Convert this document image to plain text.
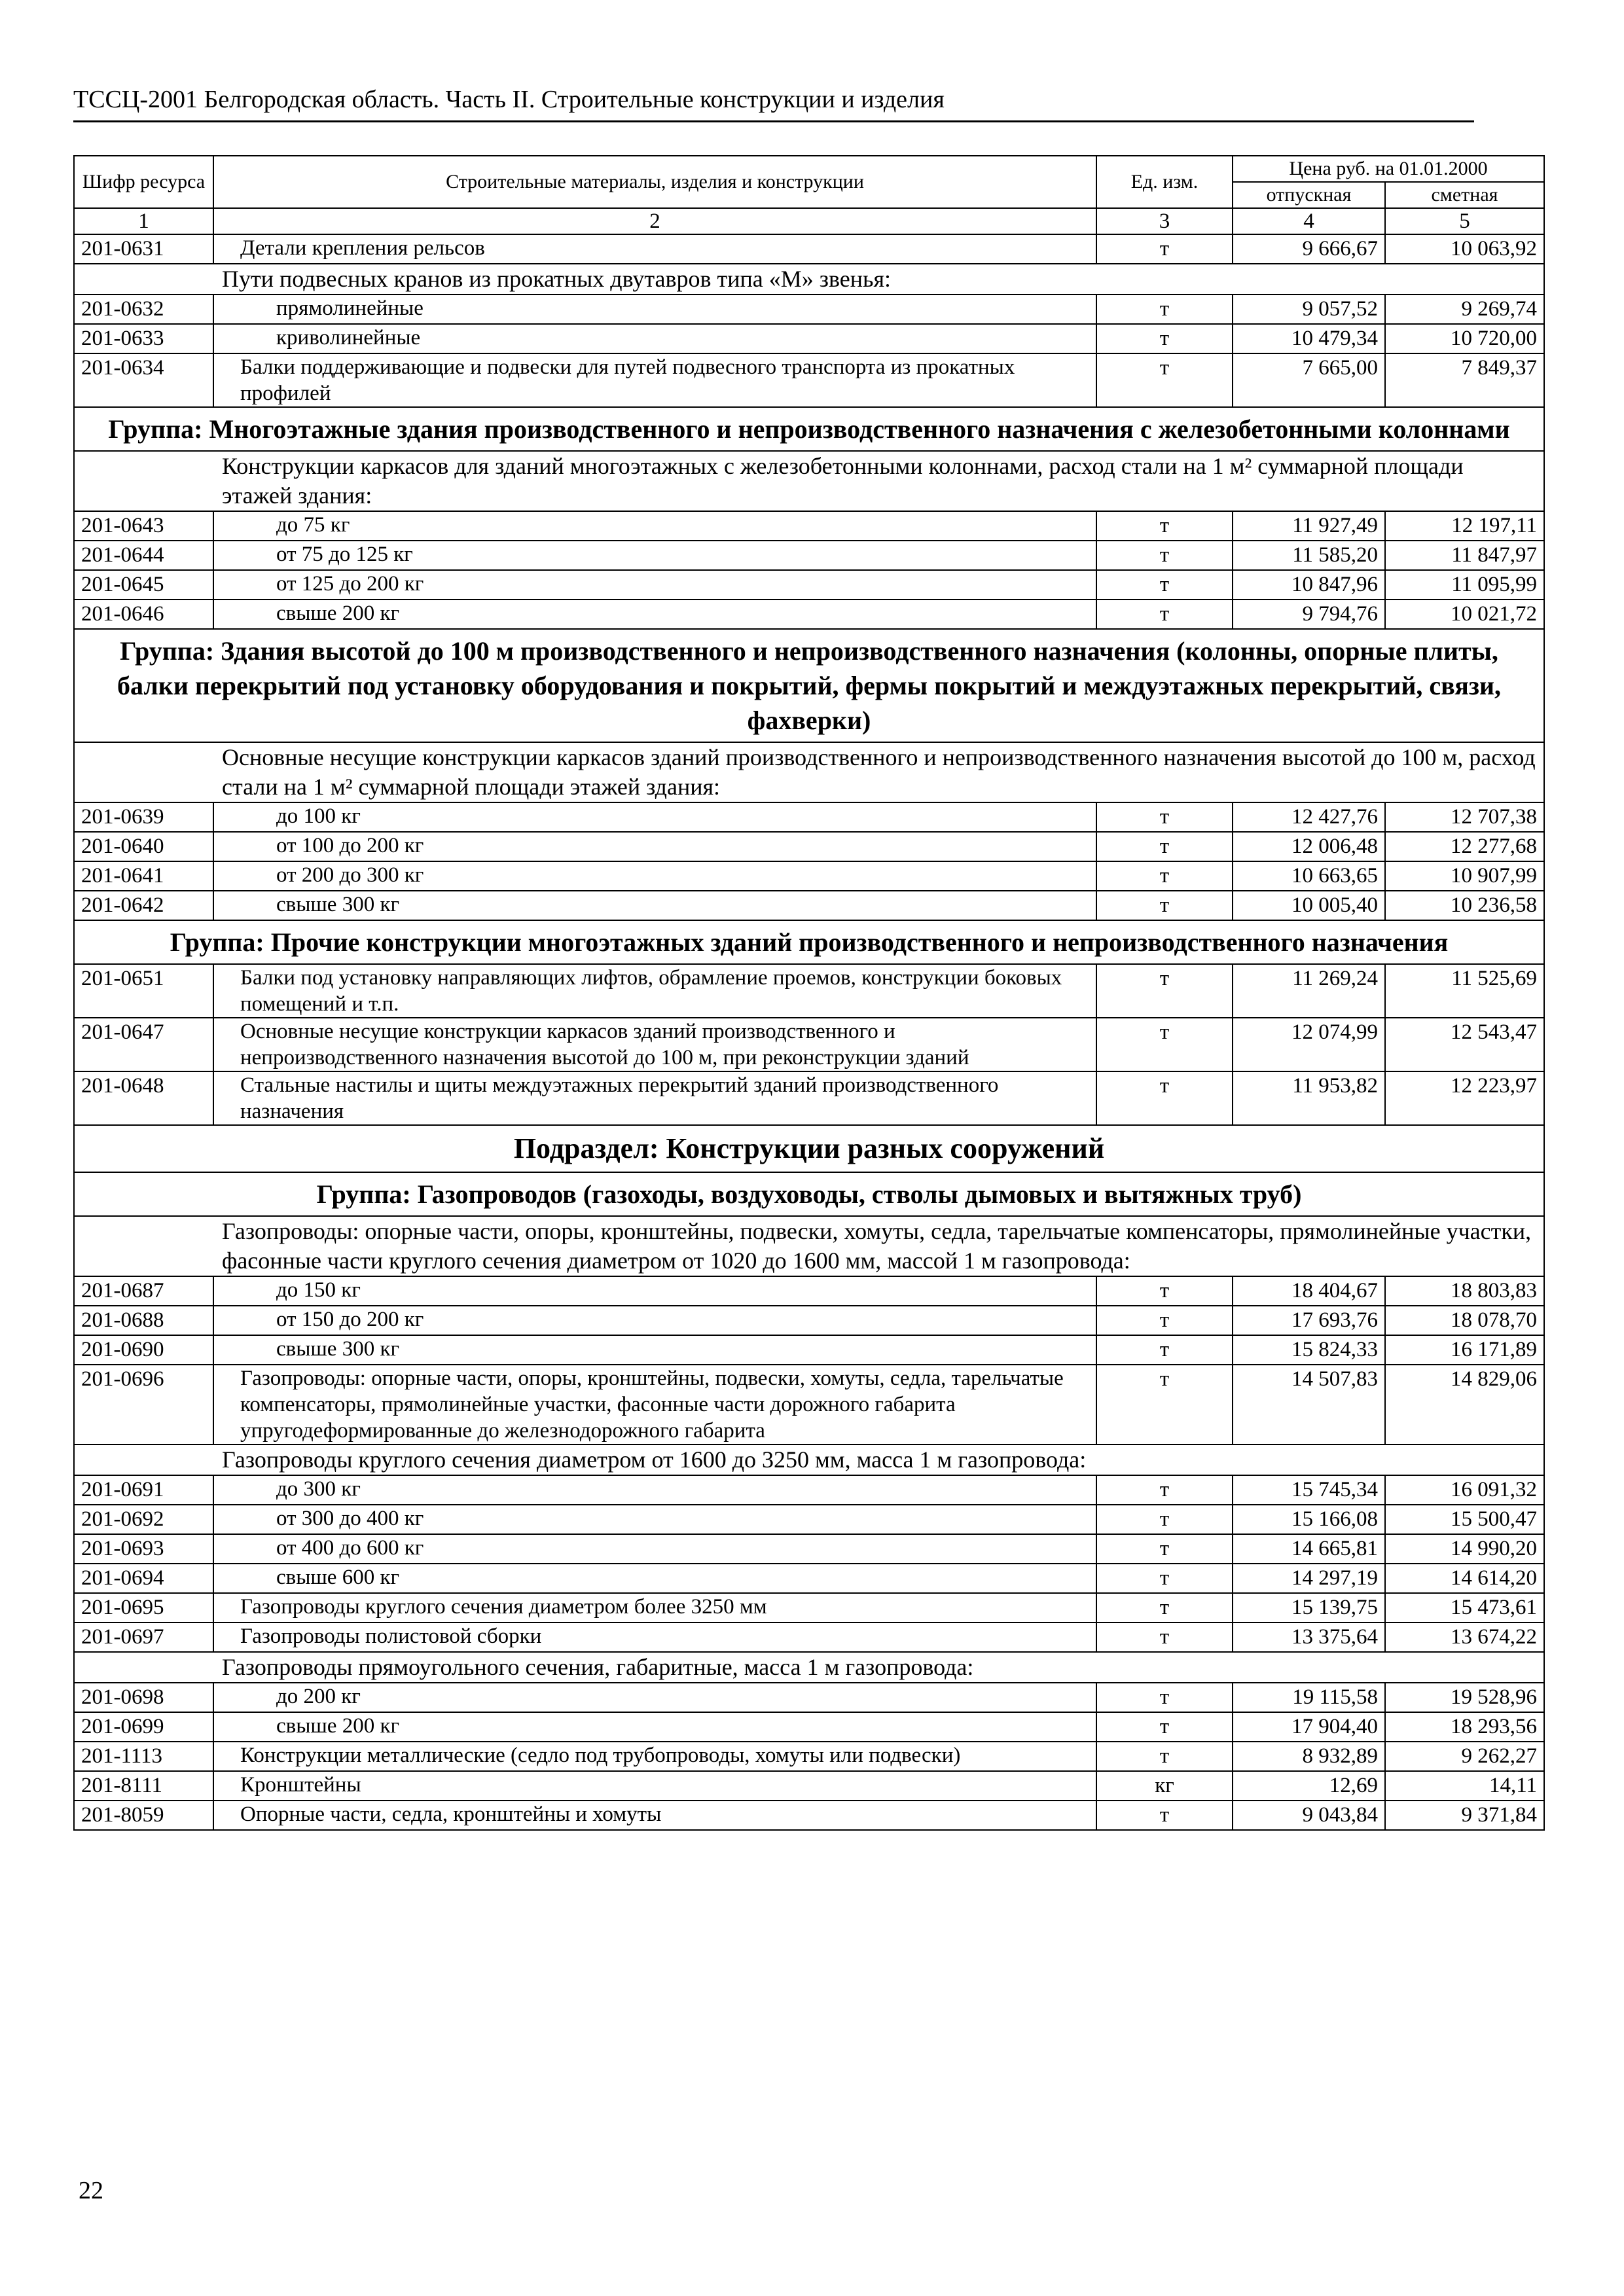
ТССЦ-2001 Белгородская область. Часть II. Строительные конструкции и изделия
Шифр ресурса	Строительные материалы, изделия и конструкции	Ед. изм.	Цена руб. на 01.01.2000	
			отпускная	сметная
1	2	3	4	5
201-0631	Детали крепления рельсов	т	9 666,67	10 063,92
Пути подвесных кранов из прокатных двутавров типа «М» звенья:				
201-0632	прямолинейные	т	9 057,52	9 269,74
201-0633	криволинейные	т	10 479,34	10 720,00
201-0634	Балки поддерживающие и подвески для путей подвесного транспорта из прокатных профилей	т	7 665,00	7 849,37
Группа: Многоэтажные здания производственного и непроизводственного назначения с железобетонными колоннами				
Конструкции каркасов для зданий многоэтажных с железобетонными колоннами, расход стали на 1 м² суммарной площади этажей здания:				
201-0643	до 75 кг	т	11 927,49	12 197,11
201-0644	от 75 до 125 кг	т	11 585,20	11 847,97
201-0645	от 125 до 200 кг	т	10 847,96	11 095,99
201-0646	свыше 200 кг	т	9 794,76	10 021,72
Группа: Здания высотой до 100 м производственного и непроизводственного назначения (колонны, опорные плиты, балки перекрытий под установку оборудования и покрытий, фермы покрытий и междуэтажных перекрытий, связи, фахверки)				
Основные несущие конструкции каркасов зданий производственного и непроизводственного назначения высотой до 100 м, расход стали на 1 м² суммарной площади этажей здания:				
201-0639	до 100 кг	т	12 427,76	12 707,38
201-0640	от 100 до 200 кг	т	12 006,48	12 277,68
201-0641	от 200 до 300 кг	т	10 663,65	10 907,99
201-0642	свыше 300 кг	т	10 005,40	10 236,58
Группа: Прочие конструкции многоэтажных зданий производственного и непроизводственного назначения				
201-0651	Балки под установку направляющих лифтов, обрамление проемов, конструкции боковых помещений и т.п.	т	11 269,24	11 525,69
201-0647	Основные несущие конструкции каркасов зданий производственного и непроизводственного назначения высотой до 100 м, при реконструкции зданий	т	12 074,99	12 543,47
201-0648	Стальные настилы и щиты междуэтажных перекрытий зданий производственного назначения	т	11 953,82	12 223,97
Подраздел: Конструкции разных сооружений				
Группа: Газопроводов (газоходы, воздуховоды, стволы дымовых и вытяжных труб)				
Газопроводы: опорные части, опоры, кронштейны, подвески, хомуты, седла, тарельчатые компенсаторы, прямолинейные участки, фасонные части круглого сечения диаметром от 1020 до 1600 мм, массой 1 м газопровода:				
201-0687	до 150 кг	т	18 404,67	18 803,83
201-0688	от 150 до 200 кг	т	17 693,76	18 078,70
201-0690	свыше 300 кг	т	15 824,33	16 171,89
201-0696	Газопроводы: опорные части, опоры, кронштейны, подвески, хомуты, седла, тарельчатые компенсаторы, прямолинейные участки, фасонные части дорожного габарита упругодеформированные до железнодорожного габарита	т	14 507,83	14 829,06
Газопроводы круглого сечения диаметром от 1600 до 3250 мм, масса 1 м газопровода:				
201-0691	до 300 кг	т	15 745,34	16 091,32
201-0692	от 300 до 400 кг	т	15 166,08	15 500,47
201-0693	от 400 до 600 кг	т	14 665,81	14 990,20
201-0694	свыше 600 кг	т	14 297,19	14 614,20
201-0695	Газопроводы круглого сечения диаметром более 3250 мм	т	15 139,75	15 473,61
201-0697	Газопроводы полистовой сборки	т	13 375,64	13 674,22
Газопроводы прямоугольного сечения, габаритные, масса 1 м газопровода:				
201-0698	до 200 кг	т	19 115,58	19 528,96
201-0699	свыше 200 кг	т	17 904,40	18 293,56
201-1113	Конструкции металлические (седло под трубопроводы, хомуты или подвески)	т	8 932,89	9 262,27
201-8111	Кронштейны	кг	12,69	14,11
201-8059	Опорные части, седла, кронштейны и хомуты	т	9 043,84	9 371,84
22
